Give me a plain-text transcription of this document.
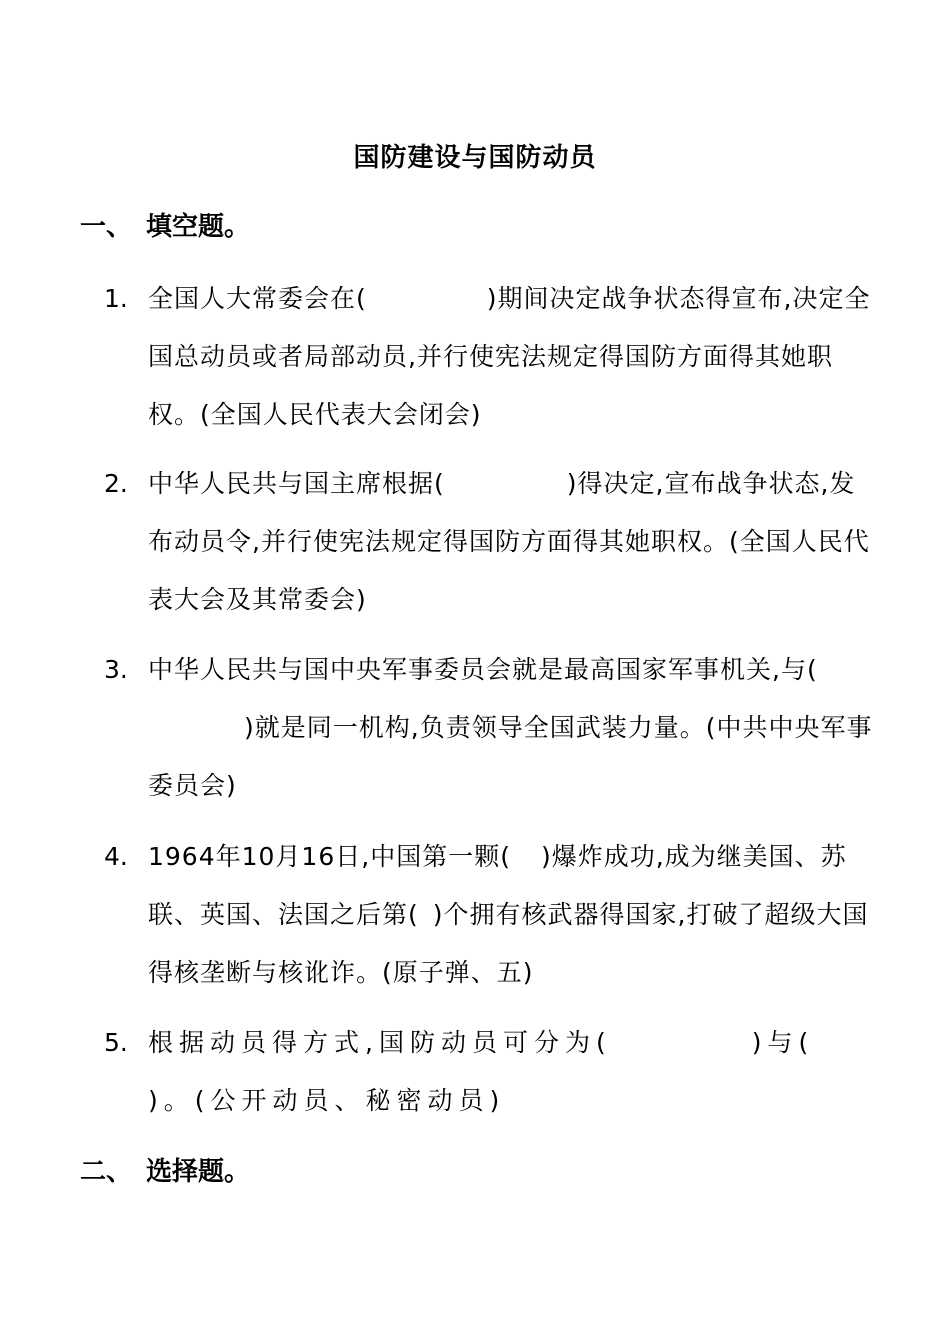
国防建设与国防动员
一、 填空题。
1. 全国人大常委会在(	)期间决定战争状态得宣布,决定全国总动员或者局部动员,并行使宪法规定得国防方面得其她职权。(全国人民代表大会闭会)
2. 中华人民共与国主席根据(	)得决定,宣布战争状态,发布动员令,并行使宪法规定得国防方面得其她职权。(全国人民代表大会及其常委会)
3. 中华人民共与国中央军事委员会就是最高国家军事机关,与()就是同一机构,负责领导全国武装力量。(中共中央军事委员会)
4. 1964年10月16日,中国第一颗( )爆炸成功,成为继美国、苏联、英国、法国之后第( )个拥有核武器得国家,打破了超级大国得核垄断与核讹诈。(原子弹、五)
5. 根据动员得方式,国防动员可分为(	)与()。(公开动员、秘密动员)
二、 选择题。
